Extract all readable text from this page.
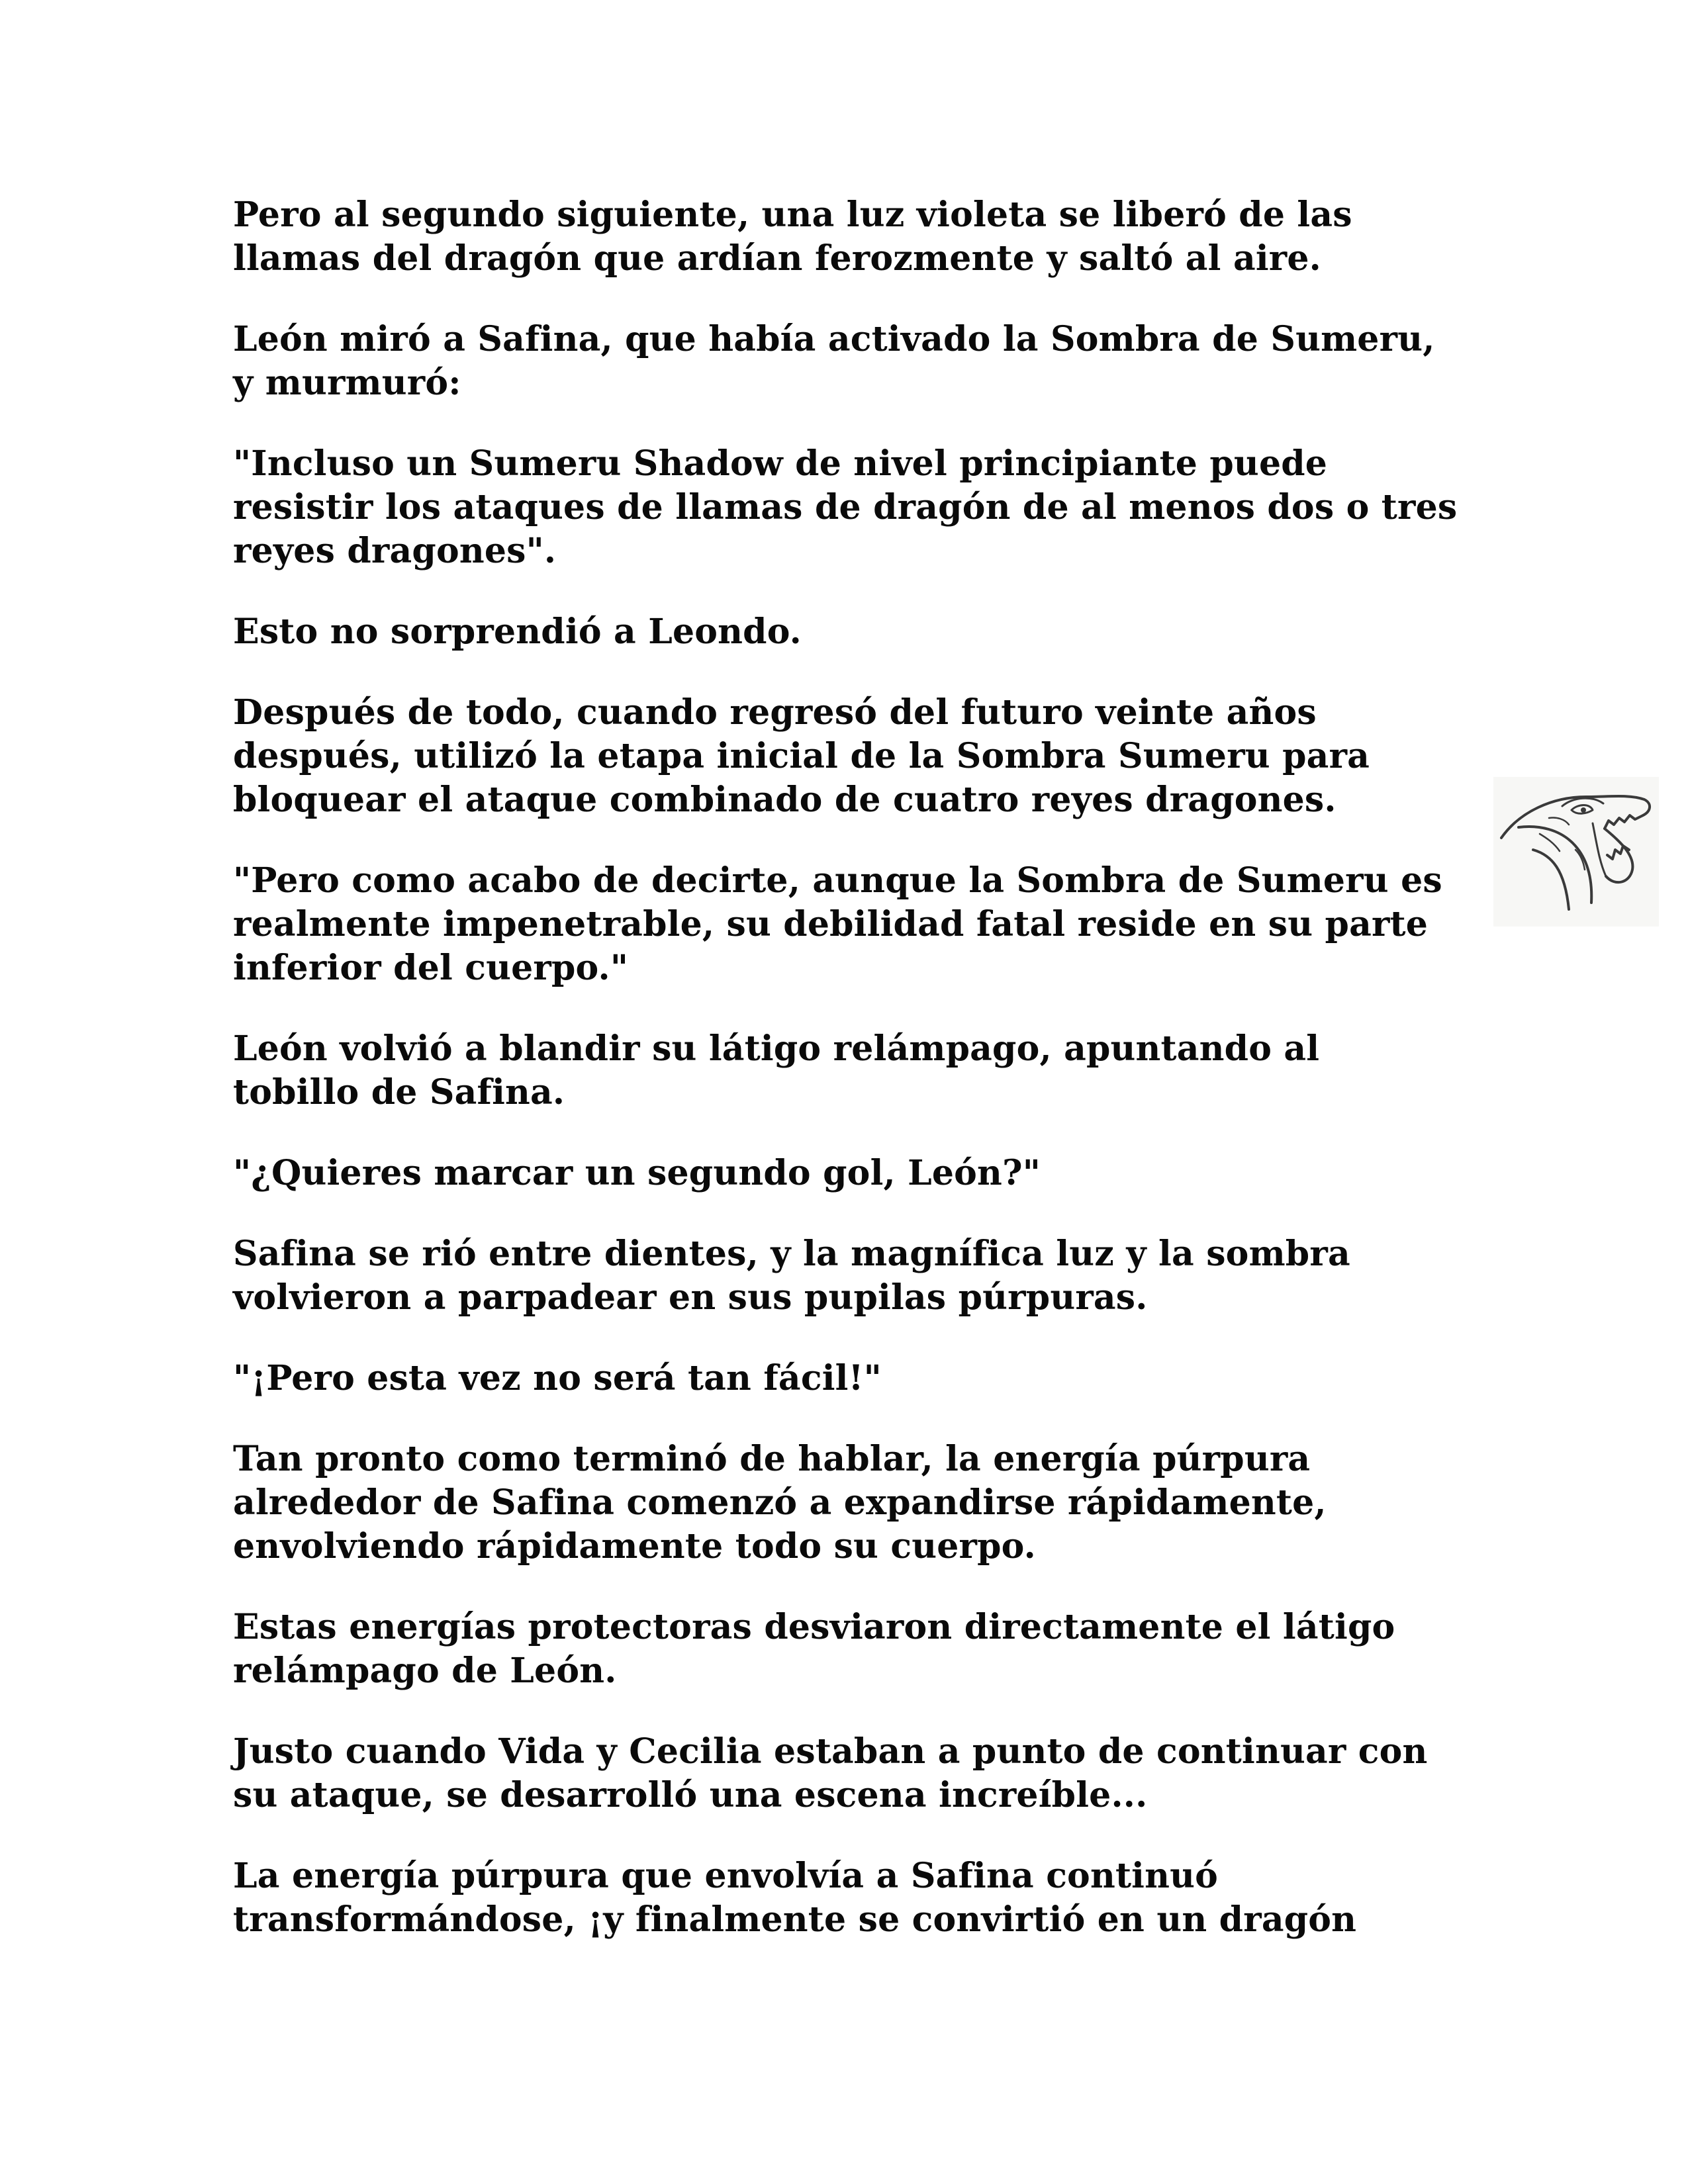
Pero al segundo siguiente, una luz violeta se liberó de las
llamas del dragón que ardían ferozmente y saltó al aire.

León miró a Safina, que había activado la Sombra de Sumeru,
y murmuró:

"Incluso un Sumeru Shadow de nivel principiante puede
resistir los ataques de llamas de dragón de al menos dos o tres
reyes dragones".

Esto no sorprendió a Leondo.

Después de todo, cuando regresó del futuro veinte años
después, utilizó la etapa inicial de la Sombra Sumeru para
bloquear el ataque combinado de cuatro reyes dragones.

"Pero como acabo de decirte, aunque la Sombra de Sumeru es
realmente impenetrable, su debilidad fatal reside en su parte
inferior del cuerpo."

León volvió a blandir su látigo relámpago, apuntando al
tobillo de Safina.

"¿Quieres marcar un segundo gol, León?"

Safina se rió entre dientes, y la magnífica luz y la sombra
volvieron a parpadear en sus pupilas púrpuras.

"¡Pero esta vez no será tan fácil!"

Tan pronto como terminó de hablar, la energía púrpura
alrededor de Safina comenzó a expandirse rápidamente,
envolviendo rápidamente todo su cuerpo.

Estas energías protectoras desviaron directamente el látigo
relámpago de León.

Justo cuando Vida y Cecilia estaban a punto de continuar con
su ataque, se desarrolló una escena increíble...

La energía púrpura que envolvía a Safina continuó
transformándose, ¡y finalmente se convirtió en un dragón
